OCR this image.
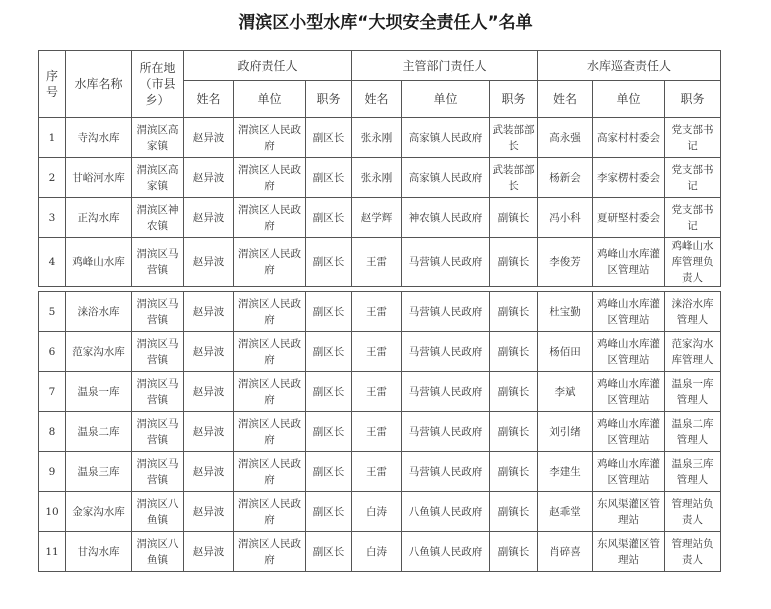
渭滨区小型水库“大坝安全责任人”名单
序号	水库名称	所在地（市县乡）	政府责任人			主管部门责任人			水库巡查责任人		
			姓名	单位	职务	姓名	单位	职务	姓名	单位	职务
1	寺沟水库	渭滨区高家镇	赵异波	渭滨区人民政府	副区长	张永刚	高家镇人民政府	武装部部长	高永强	高家村村委会	党支部书记
2	甘峪河水库	渭滨区高家镇	赵异波	渭滨区人民政府	副区长	张永刚	高家镇人民政府	武装部部长	杨新会	李家楞村委会	党支部书记
3	正沟水库	渭滨区神农镇	赵异波	渭滨区人民政府	副区长	赵学辉	神农镇人民政府	副镇长	冯小科	夏研堅村委会	党支部书记
4	鸡峰山水库	渭滨区马营镇	赵异波	渭滨区人民政府	副区长	王雷	马营镇人民政府	副镇长	李俊芳	鸡峰山水库灌区管理站	鸡峰山水库管理负责人
5	涞浴水库	渭滨区马营镇	赵异波	渭滨区人民政府	副区长	王雷	马营镇人民政府	副镇长	杜宝勤	鸡峰山水库灌区管理站	涞浴水库管理人
6	范家沟水库	渭滨区马营镇	赵异波	渭滨区人民政府	副区长	王雷	马营镇人民政府	副镇长	杨佰田	鸡峰山水库灌区管理站	范家沟水库管理人
7	温泉一库	渭滨区马营镇	赵异波	渭滨区人民政府	副区长	王雷	马营镇人民政府	副镇长	李斌	鸡峰山水库灌区管理站	温泉一库管理人
8	温泉二库	渭滨区马营镇	赵异波	渭滨区人民政府	副区长	王雷	马营镇人民政府	副镇长	刘引绪	鸡峰山水库灌区管理站	温泉二库管理人
9	温泉三库	渭滨区马营镇	赵异波	渭滨区人民政府	副区长	王雷	马营镇人民政府	副镇长	李建生	鸡峰山水库灌区管理站	温泉三库管理人
10	金家沟水库	渭滨区八鱼镇	赵异波	渭滨区人民政府	副区长	白涛	八鱼镇人民政府	副镇长	赵乖堂	东风渠灌区管理站	管理站负责人
11	甘沟水库	渭滨区八鱼镇	赵异波	渭滨区人民政府	副区长	白涛	八鱼镇人民政府	副镇长	肖碎喜	东风渠灌区管理站	管理站负责人
